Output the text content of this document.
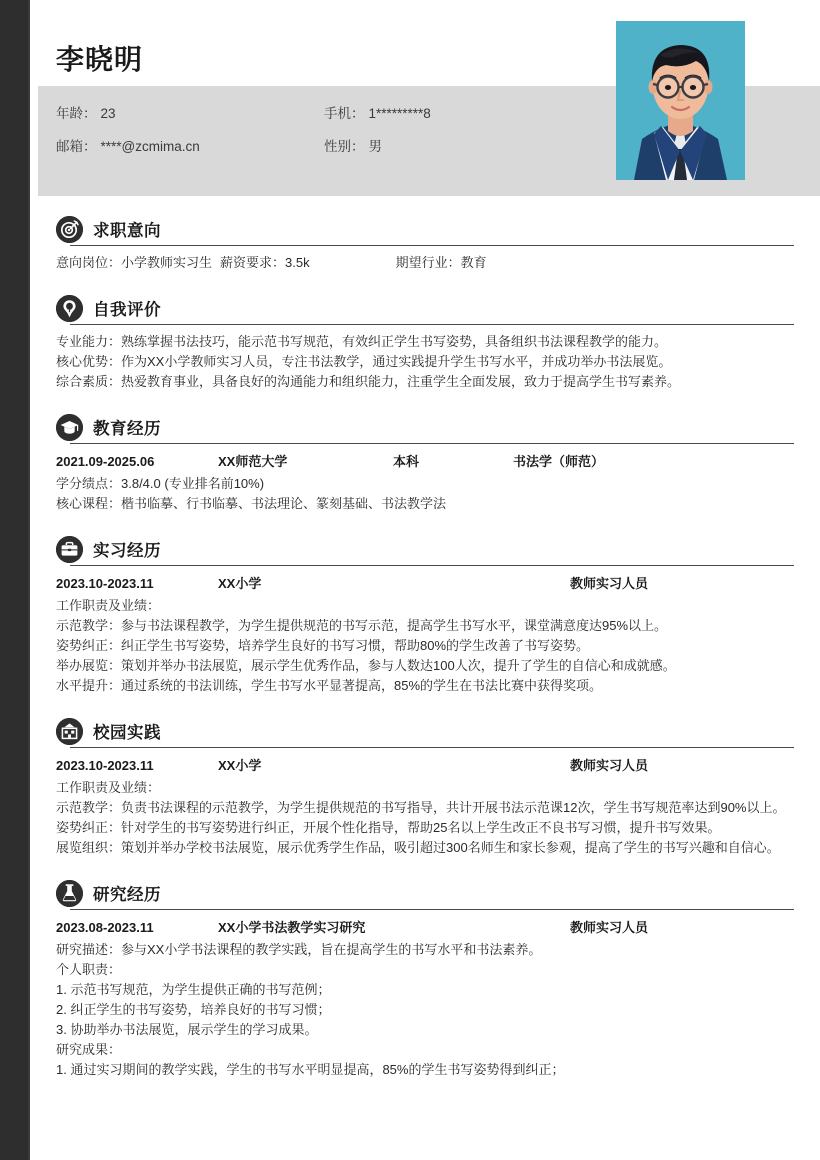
李晓明
年龄： 23	手机： 1*********8
邮箱： ****@zcmima.cn	性别： 男
求职意向
意向岗位：小学教师实习生 薪资要求：3.5k	期望行业：教育
自我评价
专业能力：熟练掌握书法技巧，能示范书写规范，有效纠正学生书写姿势，具备组织书法课程教学的能力。
核心优势：作为XX小学教师实习人员，专注书法教学，通过实践提升学生书写水平，并成功举办书法展览。
综合素质：热爱教育事业，具备良好的沟通能力和组织能力，注重学生全面发展，致力于提高学生书写素养。
教育经历
2021.09-2025.06	XX师范大学	本科	书法学（师范）
学分绩点：3.8/4.0 (专业排名前10%)
核心课程：楷书临摹、行书临摹、书法理论、篆刻基础、书法教学法
实习经历
2023.10-2023.11	XX小学	教师实习人员
工作职责及业绩：
示范教学：参与书法课程教学，为学生提供规范的书写示范，提高学生书写水平，课堂满意度达95%以上。
姿势纠正：纠正学生书写姿势，培养学生良好的书写习惯，帮助80%的学生改善了书写姿势。
举办展览：策划并举办书法展览，展示学生优秀作品，参与人数达100人次，提升了学生的自信心和成就感。
水平提升：通过系统的书法训练，学生书写水平显著提高，85%的学生在书法比赛中获得奖项。
校园实践
2023.10-2023.11	XX小学	教师实习人员
工作职责及业绩：
示范教学：负责书法课程的示范教学，为学生提供规范的书写指导，共计开展书法示范课12次，学生书写规范率达到90%以上。
姿势纠正：针对学生的书写姿势进行纠正，开展个性化指导，帮助25名以上学生改正不良书写习惯，提升书写效果。
展览组织：策划并举办学校书法展览，展示优秀学生作品，吸引超过300名师生和家长参观，提高了学生的书写兴趣和自信心。
研究经历
2023.08-2023.11	XX小学书法教学实习研究	教师实习人员
研究描述：参与XX小学书法课程的教学实践，旨在提高学生的书写水平和书法素养。
个人职责：
1. 示范书写规范，为学生提供正确的书写范例；
2. 纠正学生的书写姿势，培养良好的书写习惯；
3. 协助举办书法展览，展示学生的学习成果。
研究成果：
1. 通过实习期间的教学实践，学生的书写水平明显提高，85%的学生书写姿势得到纠正；
